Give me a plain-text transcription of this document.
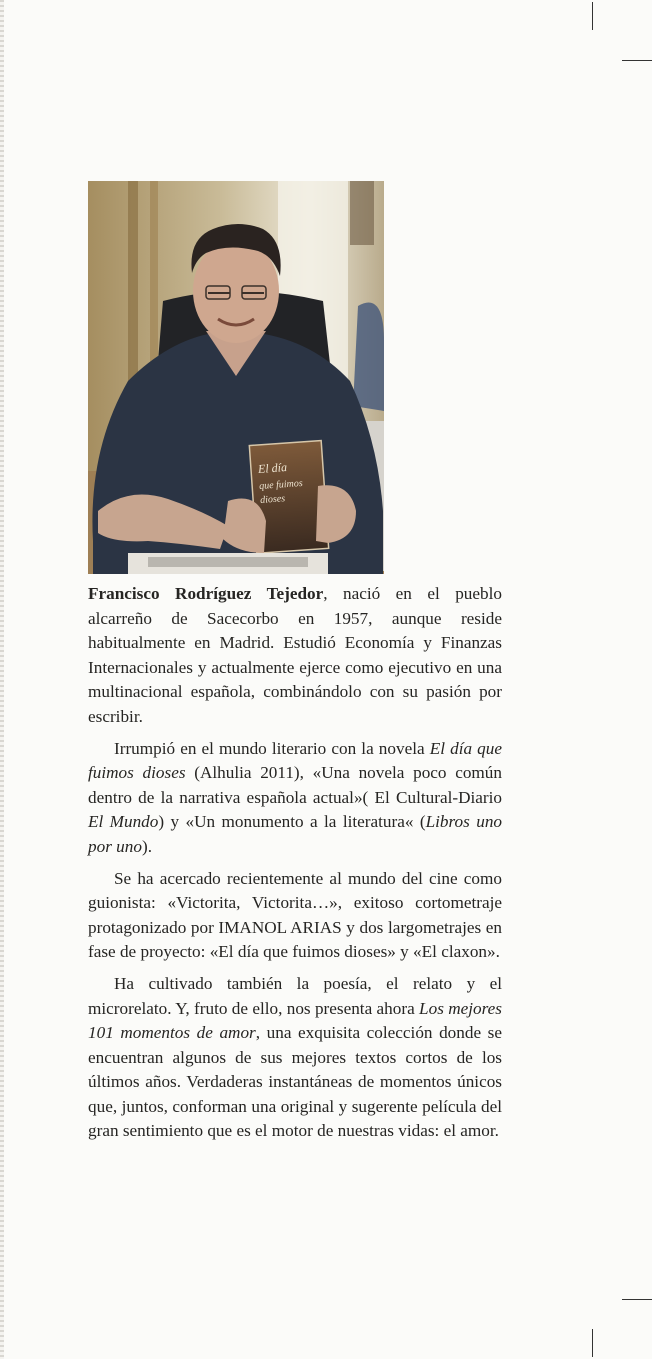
El día
que fuimos
dioses

Francisco Rodríguez Tejedor, nació en el pueblo alcarreño de Sacecorbo en 1957, aunque reside habitualmente en Madrid. Estudió Economía y Finanzas Internacionales y actualmente ejerce como ejecutivo en una multinacional española, combinándolo con su pasión por escribir.

Irrumpió en el mundo literario con la novela El día que fuimos dioses (Alhulia 2011), «Una novela poco común dentro de la narrativa española actual»( El Cultural-Diario El Mundo) y «Un monumento a la literatura« (Libros uno por uno).

Se ha acercado recientemente al mundo del cine como guionista: «Victorita, Victorita…», exitoso cortometraje protagonizado por IMANOL ARIAS y dos largometrajes en fase de proyecto: «El día que fuimos dioses» y «El claxon».

Ha cultivado también la poesía, el relato y el microrelato. Y, fruto de ello, nos presenta ahora Los mejores 101 momentos de amor, una exquisita colección donde se encuentran algunos de sus mejores textos cortos de los últimos años. Verdaderas instantáneas de momentos únicos que, juntos, conforman una original y sugerente película del gran sentimiento que es el motor de nuestras vidas: el amor.
